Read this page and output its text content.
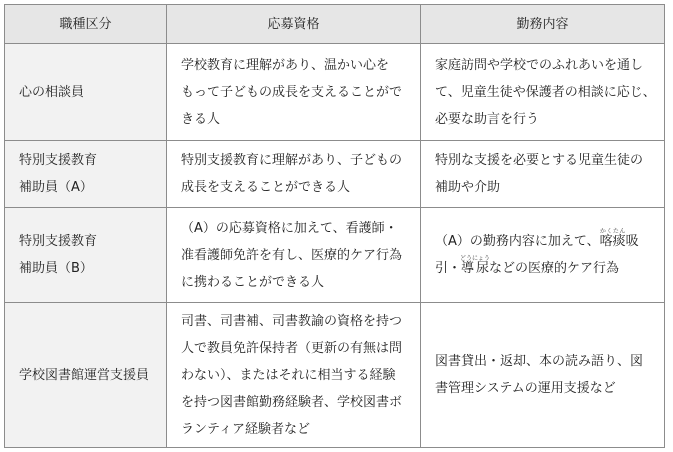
職種区分	応募資格	勤務内容

心の相談員	学校教育に理解があり、温かい心を
もって子どもの成長を支えることがで
きる人	家庭訪問や学校でのふれあいを通し
て、児童生徒や保護者の相談に応じ、
必要な助言を行う

特別支援教育
補助員（A）	特別支援教育に理解があり、子どもの
成長を支えることができる人	特別な支援を必要とする児童生徒の
補助や介助

特別支援教育
補助員（B）	（A）の応募資格に加えて、看護師・
准看護師免許を有し、医療的ケア行為
に携わることができる人	（A）の勤務内容に加えて、喀痰かくたん吸
引・導尿どうにょうなどの医療的ケア行為

学校図書館運営支援員	司書、司書補、司書教諭の資格を持つ
人で教員免許保持者（更新の有無は問
わない）、またはそれに相当する経験
を持つ図書館勤務経験者、学校図書ボ
ランティア経験者など	図書貸出・返却、本の読み語り、図
書管理システムの運用支援など
